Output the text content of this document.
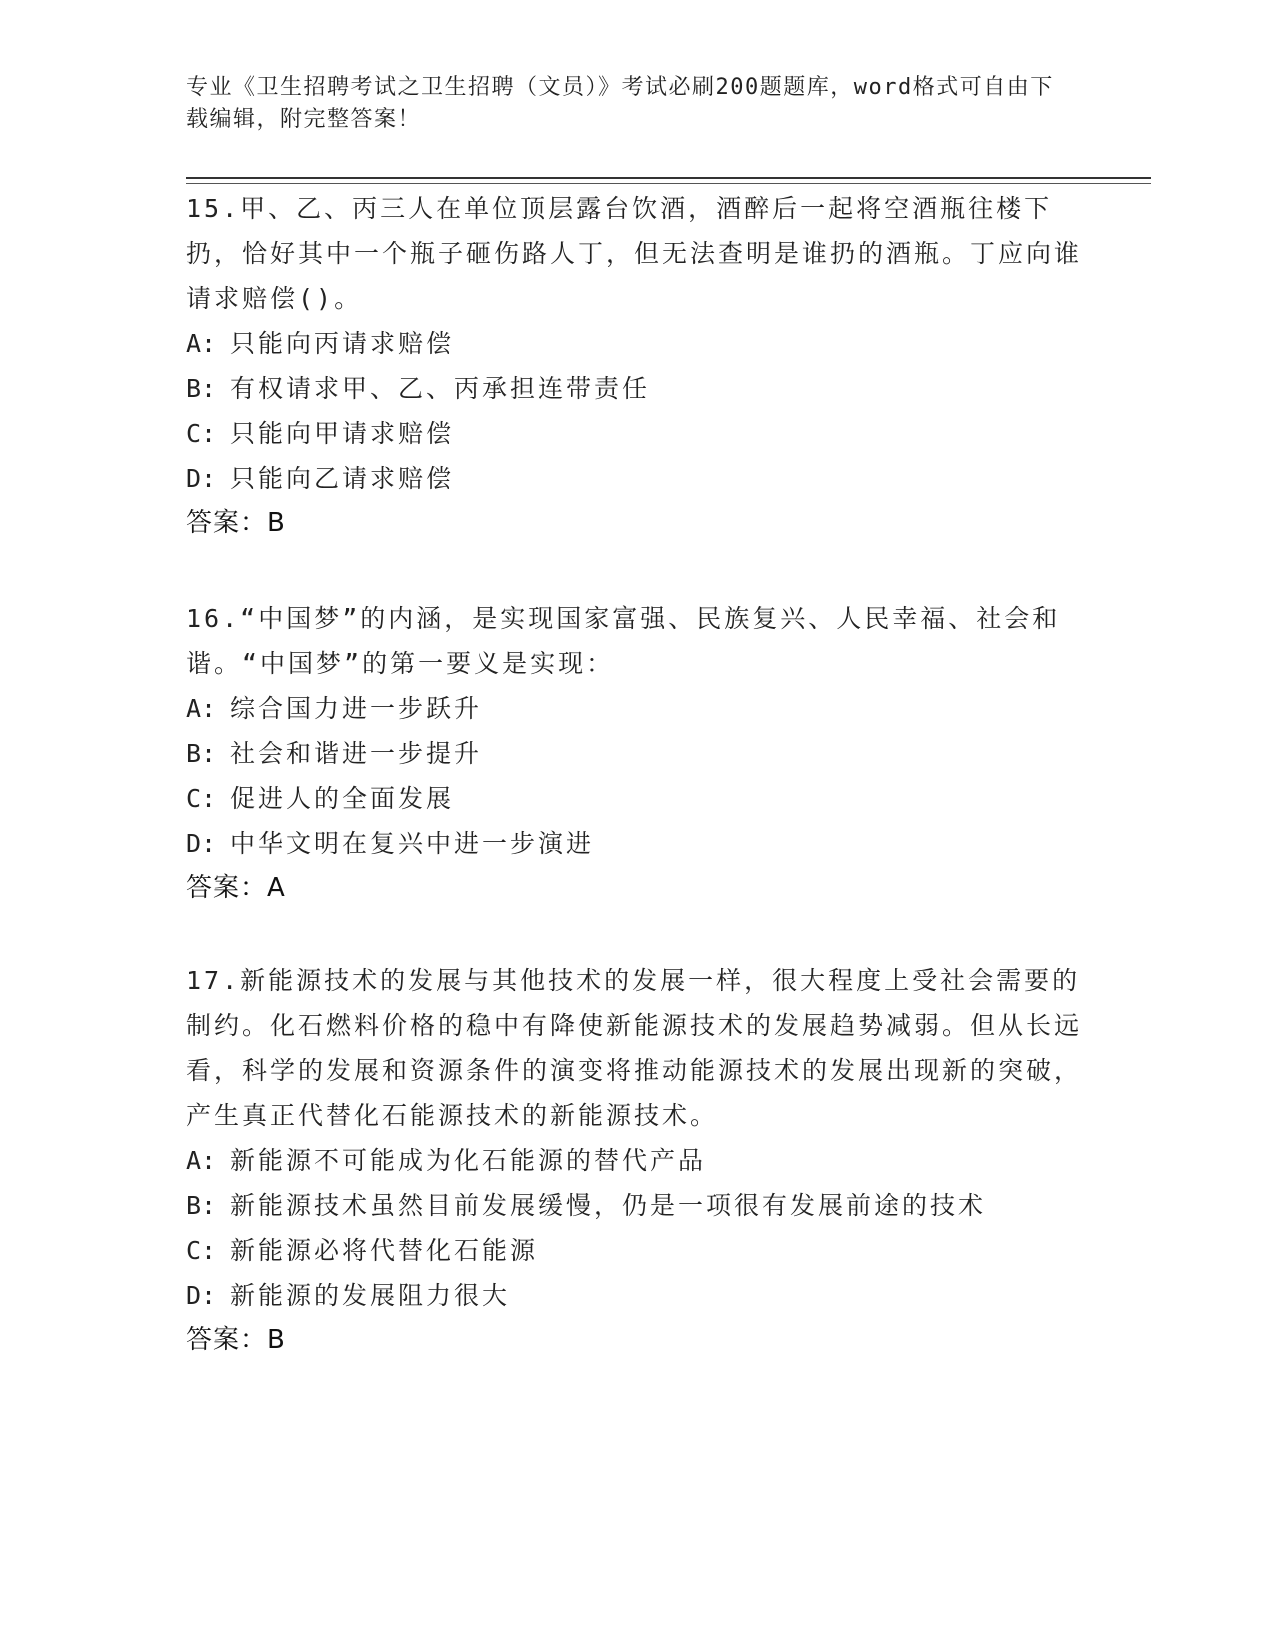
专业《卫生招聘考试之卫生招聘（文员）》考试必刷200题题库，word格式可自由下载编辑，附完整答案！

15.甲、乙、丙三人在单位顶层露台饮酒，酒醉后一起将空酒瓶往楼下扔，恰好其中一个瓶子砸伤路人丁，但无法查明是谁扔的酒瓶。丁应向谁请求赔偿()。

A: 只能向丙请求赔偿

B: 有权请求甲、乙、丙承担连带责任

C: 只能向甲请求赔偿

D: 只能向乙请求赔偿

答案：B

16.“中国梦”的内涵，是实现国家富强、民族复兴、人民幸福、社会和谐。“中国梦”的第一要义是实现：

A: 综合国力进一步跃升

B: 社会和谐进一步提升

C: 促进人的全面发展

D: 中华文明在复兴中进一步演进

答案：A

17.新能源技术的发展与其他技术的发展一样，很大程度上受社会需要的制约。化石燃料价格的稳中有降使新能源技术的发展趋势减弱。但从长远看，科学的发展和资源条件的演变将推动能源技术的发展出现新的突破，产生真正代替化石能源技术的新能源技术。

A: 新能源不可能成为化石能源的替代产品

B: 新能源技术虽然目前发展缓慢，仍是一项很有发展前途的技术

C: 新能源必将代替化石能源

D: 新能源的发展阻力很大

答案：B
